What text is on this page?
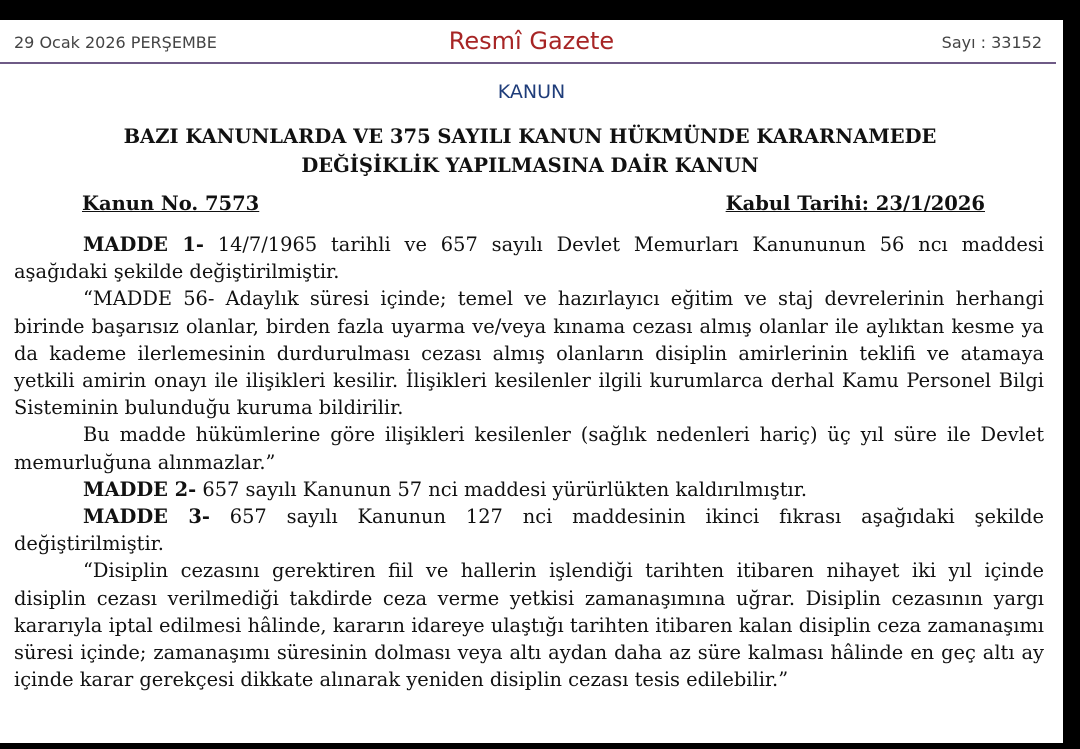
29 Ocak 2026 PERŞEMBE	Resmî Gazete	Sayı : 33152
KANUN
BAZI KANUNLARDA VE 375 SAYILI KANUN HÜKMÜNDE KARARNAMEDE
DEĞİŞİKLİK YAPILMASINA DAİR KANUN
Kanun No. 7573	Kabul Tarihi: 23/1/2026

MADDE 1- 14/7/1965 tarihli ve 657 sayılı Devlet Memurları Kanununun 56 ncı maddesi aşağıdaki şekilde değiştirilmiştir.

“MADDE 56- Adaylık süresi içinde; temel ve hazırlayıcı eğitim ve staj devrelerinin herhangi birinde başarısız olanlar, birden fazla uyarma ve/veya kınama cezası almış olanlar ile aylıktan kesme ya da kademe ilerlemesinin durdurulması cezası almış olanların disiplin amirlerinin teklifi ve atamaya yetkili amirin onayı ile ilişikleri kesilir. İlişikleri kesilenler ilgili kurumlarca derhal Kamu Personel Bilgi Sisteminin bulunduğu kuruma bildirilir.

Bu madde hükümlerine göre ilişikleri kesilenler (sağlık nedenleri hariç) üç yıl süre ile Devlet memurluğuna alınmazlar.”

MADDE 2- 657 sayılı Kanunun 57 nci maddesi yürürlükten kaldırılmıştır.

MADDE 3- 657 sayılı Kanunun 127 nci maddesinin ikinci fıkrası aşağıdaki şekilde değiştirilmiştir.

“Disiplin cezasını gerektiren fiil ve hallerin işlendiği tarihten itibaren nihayet iki yıl içinde disiplin cezası verilmediği takdirde ceza verme yetkisi zamanaşımına uğrar. Disiplin cezasının yargı kararıyla iptal edilmesi hâlinde, kararın idareye ulaştığı tarihten itibaren kalan disiplin ceza zamanaşımı süresi içinde; zamanaşımı süresinin dolması veya altı aydan daha az süre kalması hâlinde en geç altı ay içinde karar gerekçesi dikkate alınarak yeniden disiplin cezası tesis edilebilir.”
